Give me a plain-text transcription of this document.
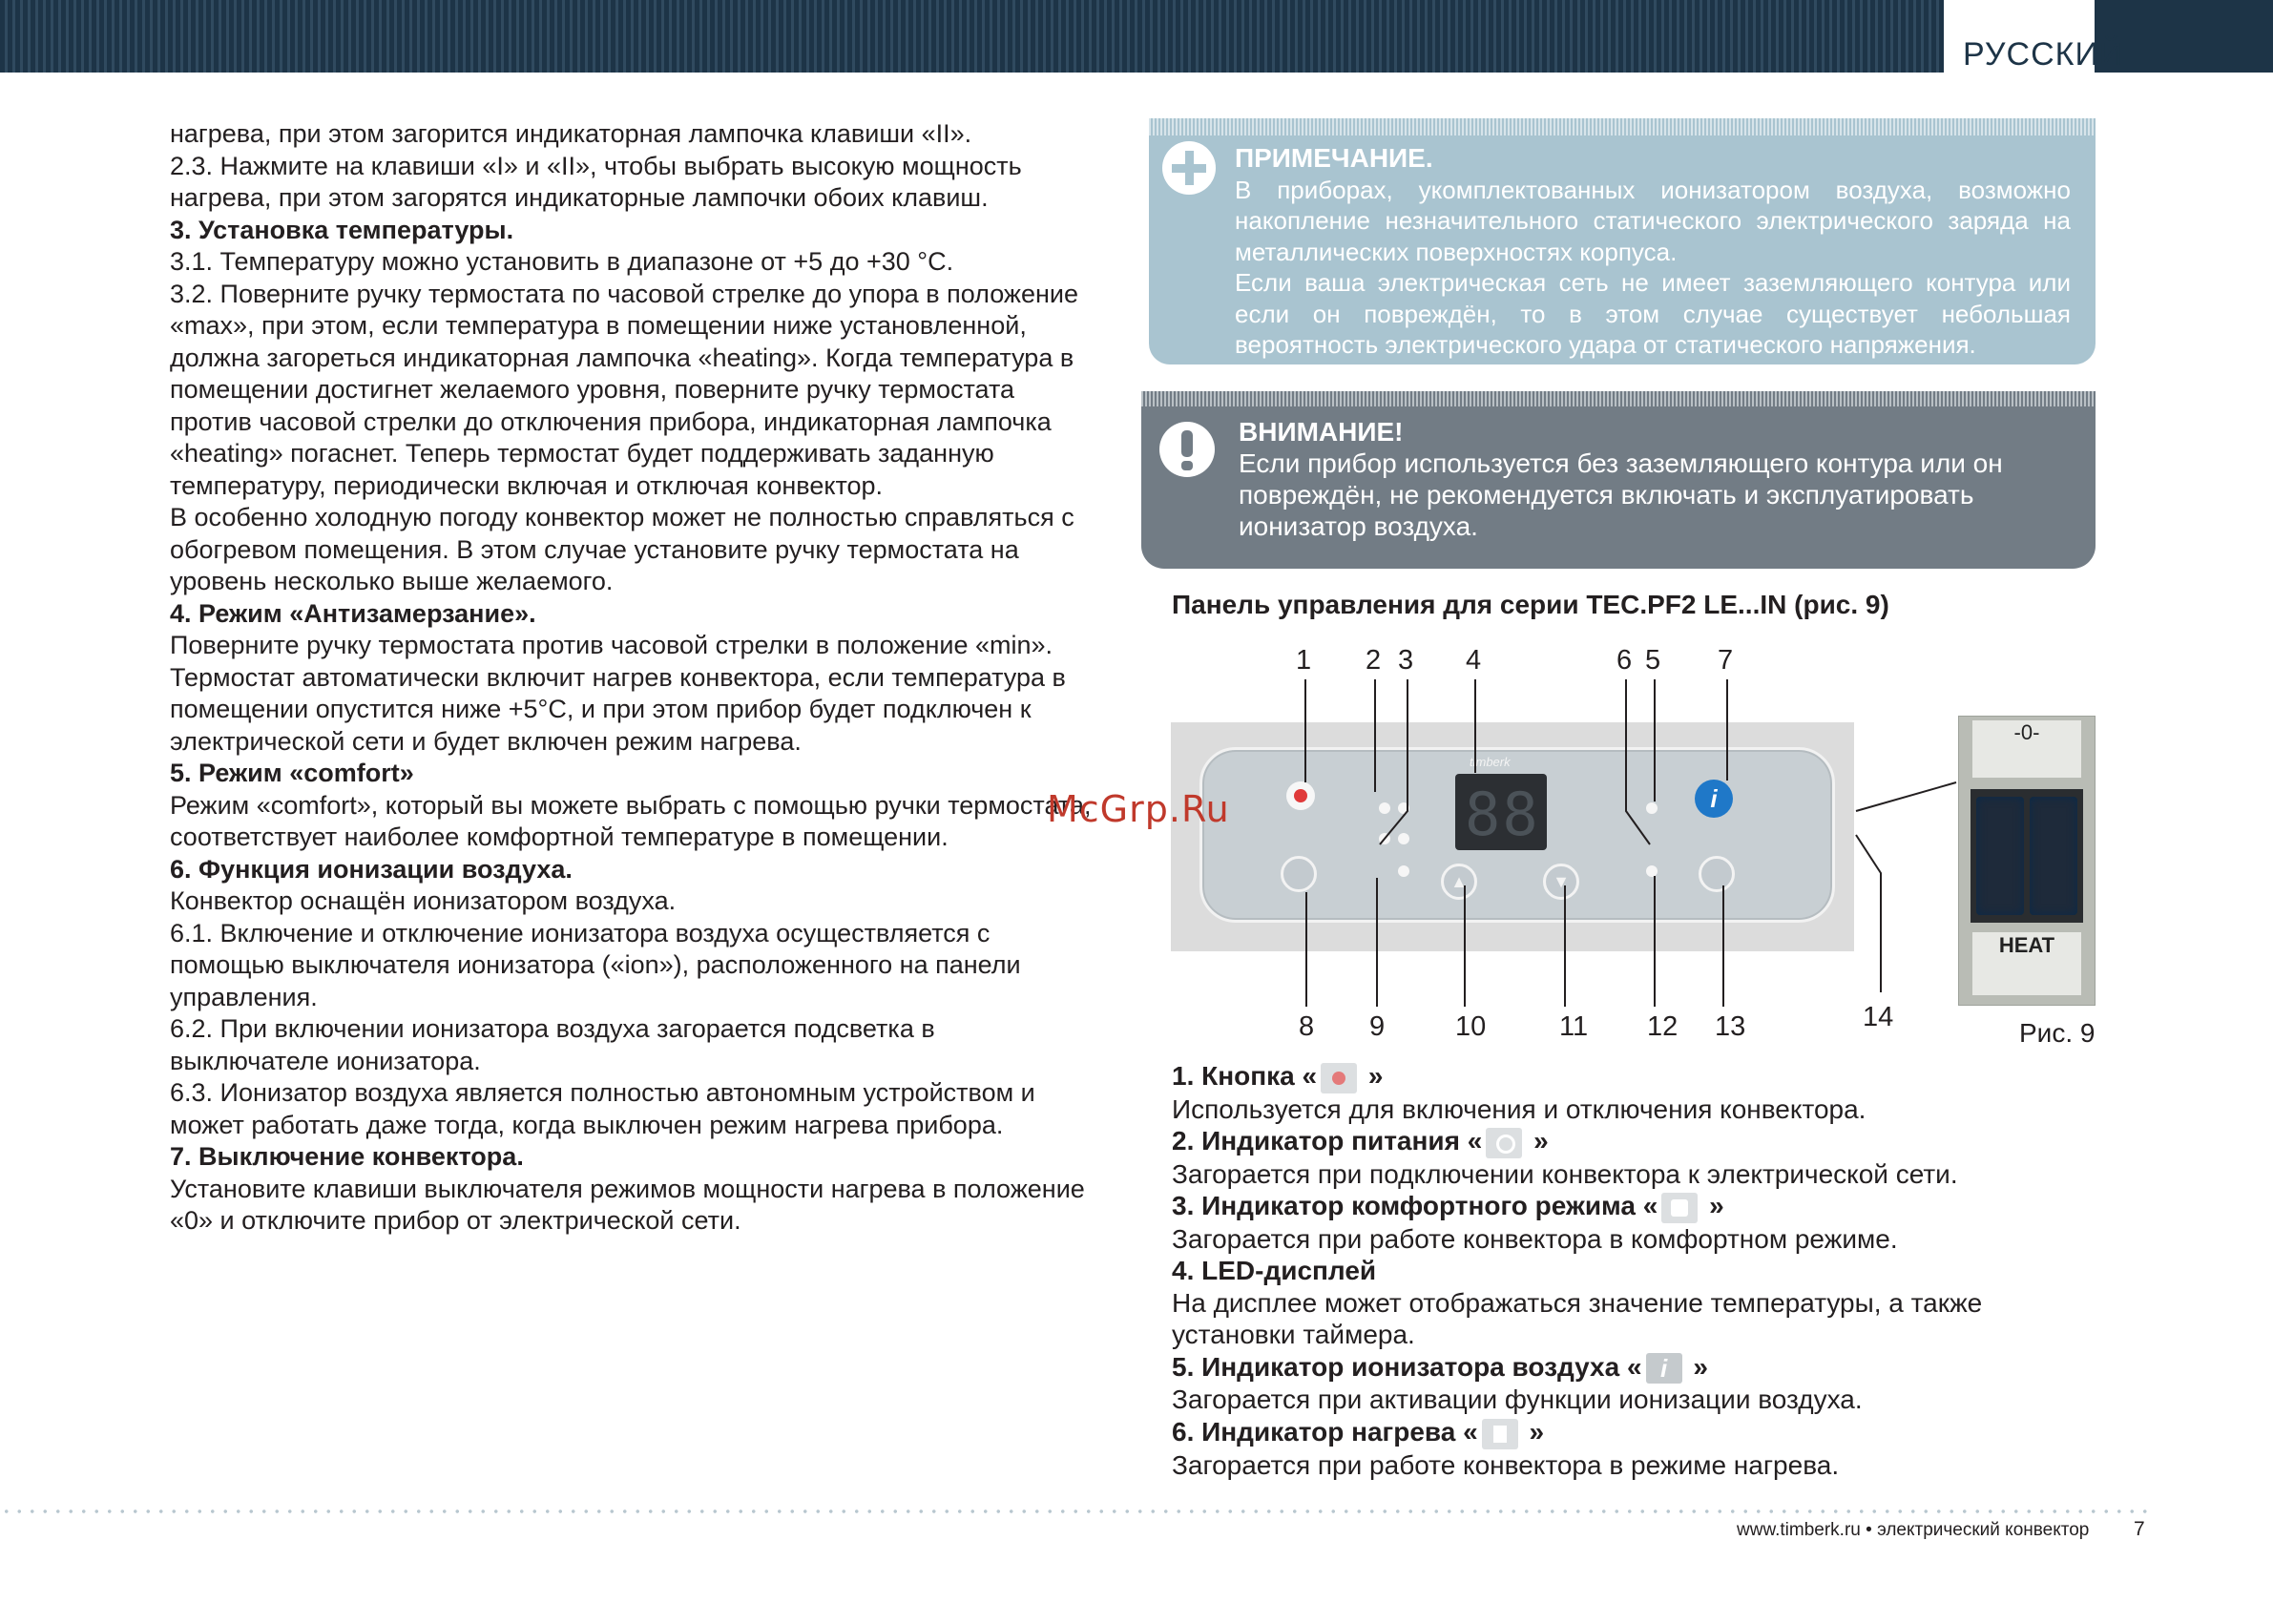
РУССКИЙ

нагрева, при этом загорится индикаторная лампочка клавиши «II».

2.3. Нажмите на клавиши «I» и «II», чтобы выбрать высокую мощность нагрева, при этом загорятся индикаторные лампочки обоих клавиш.

3. Установка температуры.

3.1. Температуру можно установить в диапазоне от +5 до +30 °С.

3.2. Поверните ручку термостата по часовой стрелке до упора в положение «max», при этом, если температура в помещении ниже установленной, должна загореться индикаторная лампочка «heating». Когда температура в помещении достигнет желаемого уровня, поверните ручку термостата против часовой стрелки до отключения прибора, индикаторная лампочка «heating» погаснет. Теперь термостат будет поддерживать заданную температуру, периодически включая и отключая конвектор.

В особенно холодную погоду конвектор может не полностью справляться с обогревом помещения. В этом случае установите ручку термостата на уровень несколько выше желаемого.

4. Режим «Антизамерзание».

Поверните ручку термостата против часовой стрелки в положение «min». Термостат автоматически включит нагрев конвектора, если температура в помещении опустится ниже +5°С, и при этом прибор будет подключен к электрической сети и будет включен режим нагрева.

5. Режим «comfort»

Режим «comfort», который вы можете выбрать с помощью ручки термостата, соответствует наиболее комфортной температуре в помещении.

6. Функция ионизации воздуха.

Конвектор оснащён ионизатором воздуха.

6.1. Включение и отключение ионизатора воздуха осуществляется с помощью выключателя ионизатора («ion»), расположенного на панели управления.

6.2. При включении ионизатора воздуха загорается подсветка в выключателе ионизатора.

6.3. Ионизатор воздуха является полностью автономным устройством и может работать даже тогда, когда выключен режим нагрева прибора.

7. Выключение конвектора.

Установите клавиши выключателя режимов мощности нагрева в положение «0» и отключите прибор от электрической сети.

ПРИМЕЧАНИЕ.
В приборах, укомплектованных ионизатором воздуха, возможно накопление незначительного статического электрического заряда на металлических поверхностях корпуса.
Если ваша электрическая сеть не имеет заземляющего контура или если он повреждён, то в этом случае существует небольшая вероятность электрического удара от статического напряжения.
ВНИМАНИЕ!
Если прибор используется без заземляющего контура или он повреждён, не рекомендуется включать и эксплуатировать ионизатор воздуха.
Панель управления для серии TEC.PF2 LE...IN (рис. 9)
1 2 3 4	6 5 7
8 9	10	11 12 13	14
timberk
88
▲	▼
i
-0-
HEAT
Рис. 9
McGrp.Ru

1. Кнопка « »

Используется для включения и отключения конвектора.

2. Индикатор питания « »

Загорается при подключении конвектора к электрической сети.

3. Индикатор комфортного режима « »

Загорается при работе конвектора в комфортном режиме.

4. LED-дисплей

На дисплее может отображаться значение температуры, а также установки таймера.

5. Индикатор ионизатора воздуха « i »

Загорается при активации функции ионизации воздуха.

6. Индикатор нагрева « »

Загорается при работе конвектора в режиме нагрева.

www.timberk.ru • электрический конвектор 7
